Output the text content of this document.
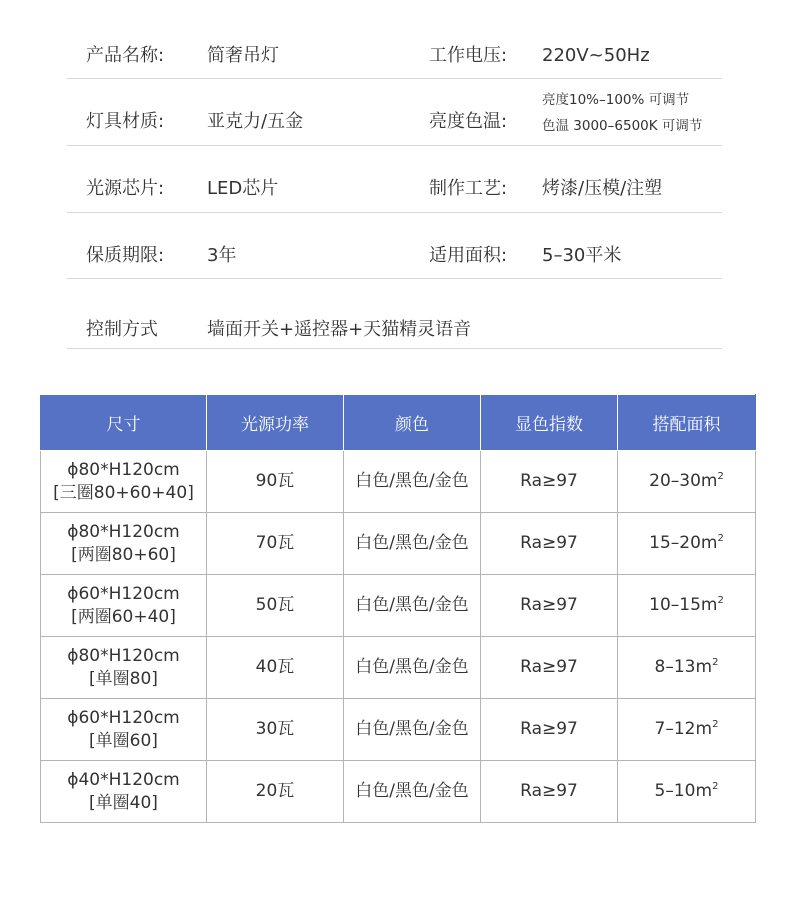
产品名称: 简奢吊灯	工作电压: 220V~50Hz
灯具材质: 亚克力/五金	亮度色温:
亮度10%–100% 可调节
色温 3000–6500K 可调节
光源芯片: LED芯片	制作工艺: 烤漆/压模/注塑
保质期限: 3年	适用面积: 5–30平米
控制方式	墙面开关+遥控器+天猫精灵语音
尺寸	光源功率	颜色	显色指数	搭配面积

ϕ80*H120cm
[三圈80+60+40]	90瓦	白色/黑色/金色	Ra≥97	$20-30m^2$

ϕ80*H120cm
[两圈80+60]	70瓦	白色/黑色/金色	Ra≥97	$15-20m^2$

ϕ60*H120cm
[两圈60+40]	50瓦	白色/黑色/金色	Ra≥97	$10-15m^2$

ϕ80*H120cm
[单圈80]	40瓦	白色/黑色/金色	Ra≥97	$8-13m^2$

ϕ60*H120cm
[单圈60]	30瓦	白色/黑色/金色	Ra≥97	$7-12m^2$

ϕ40*H120cm
[单圈40]	20瓦	白色/黑色/金色	Ra≥97	$5-10m^2$
